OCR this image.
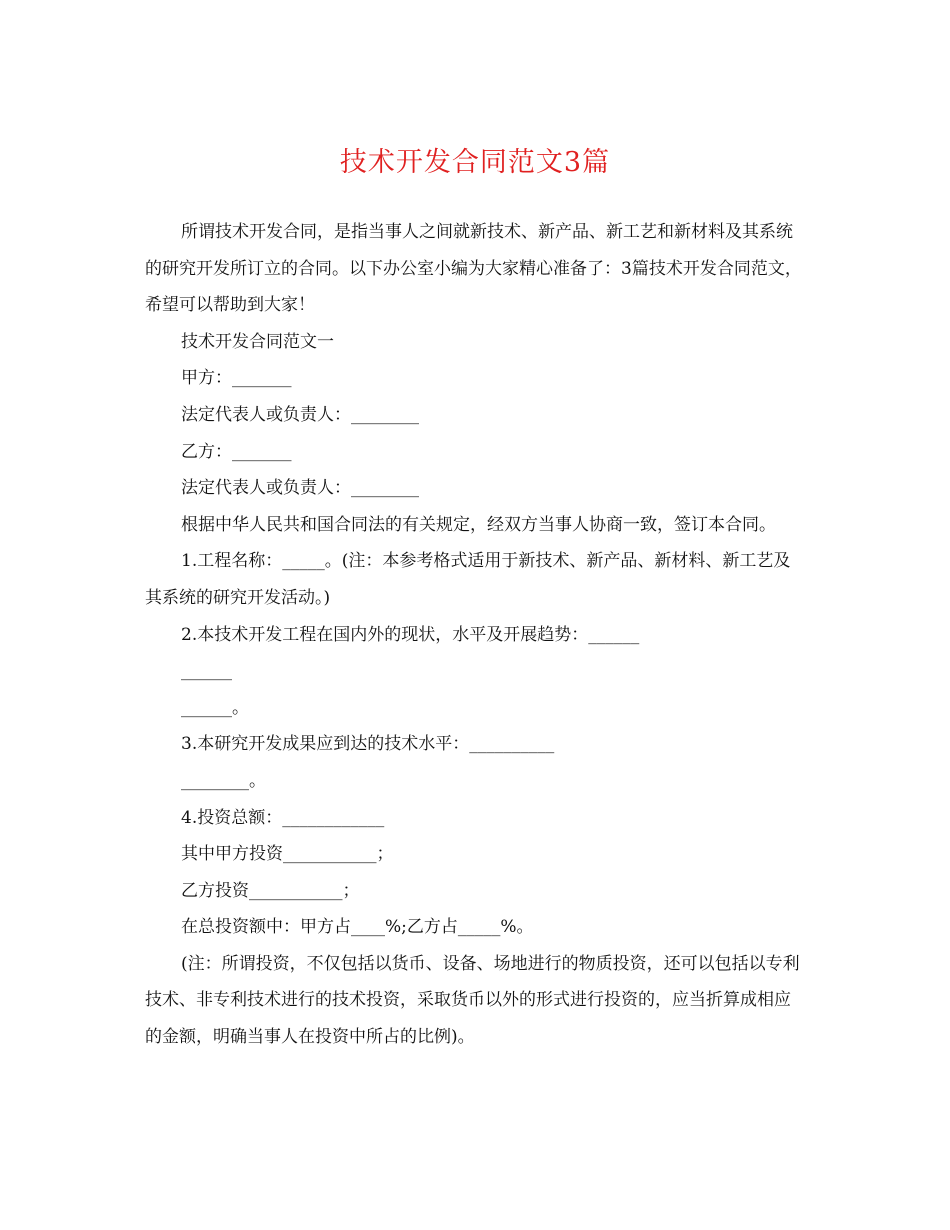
技术开发合同范文3篇

所谓技术开发合同，是指当事人之间就新技术、新产品、新工艺和新材料及其系统的研究开发所订立的合同。以下办公室小编为大家精心准备了：3篇技术开发合同范文，希望可以帮助到大家！

技术开发合同范文一

甲方：_______

法定代表人或负责人：________

乙方：_______

法定代表人或负责人：________

根据中华人民共和国合同法的有关规定，经双方当事人协商一致，签订本合同。

1.工程名称：_____。(注：本参考格式适用于新技术、新产品、新材料、新工艺及其系统的研究开发活动。)

2.本技术开发工程在国内外的现状，水平及开展趋势：______

______

______。

3.本研究开发成果应到达的技术水平：__________

________。

4.投资总额：____________

其中甲方投资___________；

乙方投资___________；

在总投资额中：甲方占____%;乙方占_____%。

(注：所谓投资，不仅包括以货币、设备、场地进行的物质投资，还可以包括以专利技术、非专利技术进行的技术投资，采取货币以外的形式进行投资的，应当折算成相应的金额，明确当事人在投资中所占的比例)。
